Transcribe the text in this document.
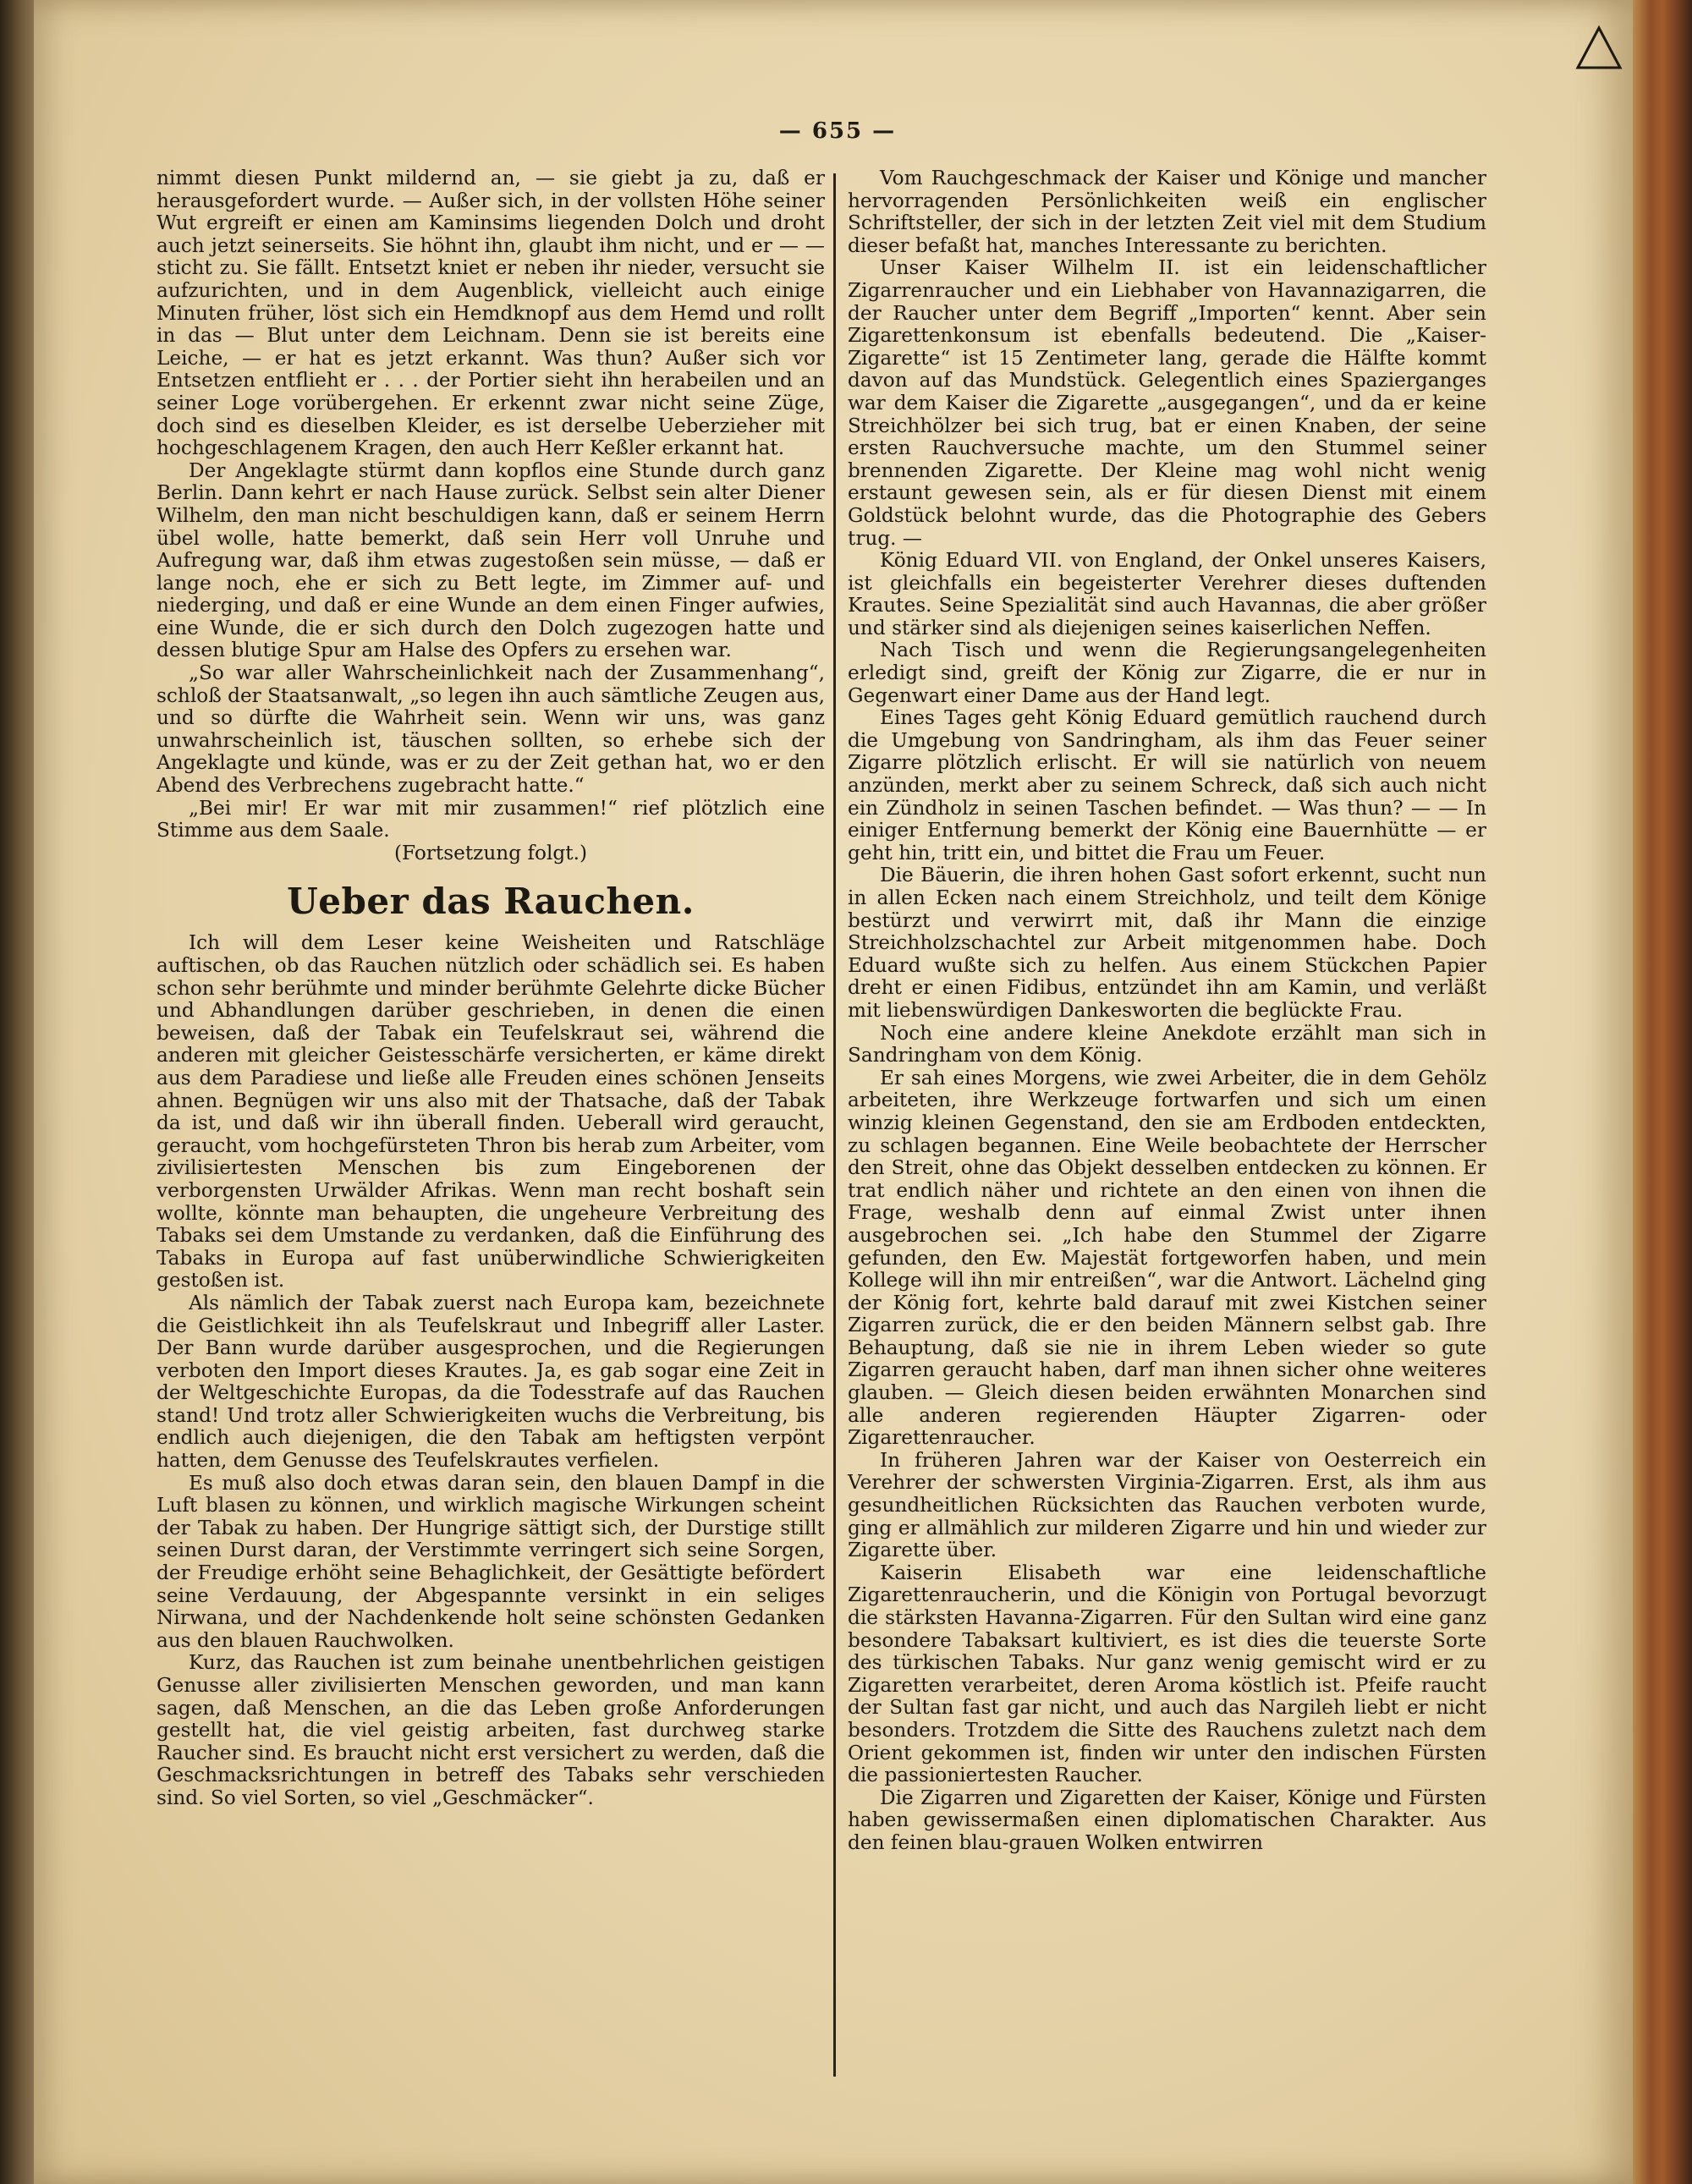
— 655 —

nimmt diesen Punkt mildernd an, — sie giebt ja zu, daß er herausgefordert wurde. — Außer sich, in der vollsten Höhe seiner Wut ergreift er einen am Kaminsims liegenden Dolch und droht auch jetzt seinerseits. Sie höhnt ihn, glaubt ihm nicht, und er — — sticht zu. Sie fällt. Entsetzt kniet er neben ihr nieder, versucht sie aufzurichten, und in dem Augenblick, vielleicht auch einige Minuten früher, löst sich ein Hemdknopf aus dem Hemd und rollt in das — Blut unter dem Leichnam. Denn sie ist bereits eine Leiche, — er hat es jetzt erkannt. Was thun? Außer sich vor Entsetzen entflieht er . . . der Portier sieht ihn herabeilen und an seiner Loge vorübergehen. Er erkennt zwar nicht seine Züge, doch sind es dieselben Kleider, es ist derselbe Ueberzieher mit hochgeschlagenem Kragen, den auch Herr Keßler erkannt hat.

Der Angeklagte stürmt dann kopflos eine Stunde durch ganz Berlin. Dann kehrt er nach Hause zurück. Selbst sein alter Diener Wilhelm, den man nicht beschuldigen kann, daß er seinem Herrn übel wolle, hatte bemerkt, daß sein Herr voll Unruhe und Aufregung war, daß ihm etwas zugestoßen sein müsse, — daß er lange noch, ehe er sich zu Bett legte, im Zimmer auf- und niederging, und daß er eine Wunde an dem einen Finger aufwies, eine Wunde, die er sich durch den Dolch zugezogen hatte und dessen blutige Spur am Halse des Opfers zu ersehen war.

„So war aller Wahrscheinlichkeit nach der Zusammenhang“, schloß der Staatsanwalt, „so legen ihn auch sämtliche Zeugen aus, und so dürfte die Wahrheit sein. Wenn wir uns, was ganz unwahrscheinlich ist, täuschen sollten, so erhebe sich der Angeklagte und künde, was er zu der Zeit gethan hat, wo er den Abend des Verbrechens zugebracht hatte.“

„Bei mir! Er war mit mir zusammen!“ rief plötzlich eine Stimme aus dem Saale.

(Fortsetzung folgt.)

Ueber das Rauchen.

Ich will dem Leser keine Weisheiten und Ratschläge auftischen, ob das Rauchen nützlich oder schädlich sei. Es haben schon sehr berühmte und minder berühmte Gelehrte dicke Bücher und Abhandlungen darüber geschrieben, in denen die einen beweisen, daß der Tabak ein Teufelskraut sei, während die anderen mit gleicher Geistesschärfe versicherten, er käme direkt aus dem Paradiese und ließe alle Freuden eines schönen Jenseits ahnen. Begnügen wir uns also mit der Thatsache, daß der Tabak da ist, und daß wir ihn überall finden. Ueberall wird geraucht, geraucht, vom hochgefürsteten Thron bis herab zum Arbeiter, vom zivilisiertesten Menschen bis zum Eingeborenen der verborgensten Urwälder Afrikas. Wenn man recht boshaft sein wollte, könnte man behaupten, die ungeheure Verbreitung des Tabaks sei dem Umstande zu verdanken, daß die Einführung des Tabaks in Europa auf fast unüberwindliche Schwierigkeiten gestoßen ist.

Als nämlich der Tabak zuerst nach Europa kam, bezeichnete die Geistlichkeit ihn als Teufelskraut und Inbegriff aller Laster. Der Bann wurde darüber ausgesprochen, und die Regierungen verboten den Import dieses Krautes. Ja, es gab sogar eine Zeit in der Weltgeschichte Europas, da die Todesstrafe auf das Rauchen stand! Und trotz aller Schwierigkeiten wuchs die Verbreitung, bis endlich auch diejenigen, die den Tabak am heftigsten verpönt hatten, dem Genusse des Teufelskrautes verfielen.

Es muß also doch etwas daran sein, den blauen Dampf in die Luft blasen zu können, und wirklich magische Wirkungen scheint der Tabak zu haben. Der Hungrige sättigt sich, der Durstige stillt seinen Durst daran, der Verstimmte verringert sich seine Sorgen, der Freudige erhöht seine Behaglichkeit, der Gesättigte befördert seine Verdauung, der Abgespannte versinkt in ein seliges Nirwana, und der Nachdenkende holt seine schönsten Gedanken aus den blauen Rauchwolken.

Kurz, das Rauchen ist zum beinahe unentbehrlichen geistigen Genusse aller zivilisierten Menschen geworden, und man kann sagen, daß Menschen, an die das Leben große Anforderungen gestellt hat, die viel geistig arbeiten, fast durchweg starke Raucher sind. Es braucht nicht erst versichert zu werden, daß die Geschmacksrichtungen in betreff des Tabaks sehr verschieden sind. So viel Sorten, so viel „Geschmäcker“.

Vom Rauchgeschmack der Kaiser und Könige und mancher hervorragenden Persönlichkeiten weiß ein englischer Schriftsteller, der sich in der letzten Zeit viel mit dem Studium dieser befaßt hat, manches Interessante zu berichten.

Unser Kaiser Wilhelm II. ist ein leidenschaftlicher Zigarrenraucher und ein Liebhaber von Havannazigarren, die der Raucher unter dem Begriff „Importen“ kennt. Aber sein Zigarettenkonsum ist ebenfalls bedeutend. Die „Kaiser-Zigarette“ ist 15 Zentimeter lang, gerade die Hälfte kommt davon auf das Mundstück. Gelegentlich eines Spazierganges war dem Kaiser die Zigarette „ausgegangen“, und da er keine Streichhölzer bei sich trug, bat er einen Knaben, der seine ersten Rauchversuche machte, um den Stummel seiner brennenden Zigarette. Der Kleine mag wohl nicht wenig erstaunt gewesen sein, als er für diesen Dienst mit einem Goldstück belohnt wurde, das die Photographie des Gebers trug. —

König Eduard VII. von England, der Onkel unseres Kaisers, ist gleichfalls ein begeisterter Verehrer dieses duftenden Krautes. Seine Spezialität sind auch Havannas, die aber größer und stärker sind als diejenigen seines kaiserlichen Neffen.

Nach Tisch und wenn die Regierungsangelegenheiten erledigt sind, greift der König zur Zigarre, die er nur in Gegenwart einer Dame aus der Hand legt.

Eines Tages geht König Eduard gemütlich rauchend durch die Umgebung von Sandringham, als ihm das Feuer seiner Zigarre plötzlich erlischt. Er will sie natürlich von neuem anzünden, merkt aber zu seinem Schreck, daß sich auch nicht ein Zündholz in seinen Taschen befindet. — Was thun? — — In einiger Entfernung bemerkt der König eine Bauernhütte — er geht hin, tritt ein, und bittet die Frau um Feuer.

Die Bäuerin, die ihren hohen Gast sofort erkennt, sucht nun in allen Ecken nach einem Streichholz, und teilt dem Könige bestürzt und verwirrt mit, daß ihr Mann die einzige Streichholzschachtel zur Arbeit mitgenommen habe. Doch Eduard wußte sich zu helfen. Aus einem Stückchen Papier dreht er einen Fidibus, entzündet ihn am Kamin, und verläßt mit liebenswürdigen Dankesworten die beglückte Frau.

Noch eine andere kleine Anekdote erzählt man sich in Sandringham von dem König.

Er sah eines Morgens, wie zwei Arbeiter, die in dem Gehölz arbeiteten, ihre Werkzeuge fortwarfen und sich um einen winzig kleinen Gegenstand, den sie am Erdboden entdeckten, zu schlagen begannen. Eine Weile beobachtete der Herrscher den Streit, ohne das Objekt desselben entdecken zu können. Er trat endlich näher und richtete an den einen von ihnen die Frage, weshalb denn auf einmal Zwist unter ihnen ausgebrochen sei. „Ich habe den Stummel der Zigarre gefunden, den Ew. Majestät fortgeworfen haben, und mein Kollege will ihn mir entreißen“, war die Antwort. Lächelnd ging der König fort, kehrte bald darauf mit zwei Kistchen seiner Zigarren zurück, die er den beiden Männern selbst gab. Ihre Behauptung, daß sie nie in ihrem Leben wieder so gute Zigarren geraucht haben, darf man ihnen sicher ohne weiteres glauben. — Gleich diesen beiden erwähnten Monarchen sind alle anderen regierenden Häupter Zigarren- oder Zigarettenraucher.

In früheren Jahren war der Kaiser von Oesterreich ein Verehrer der schwersten Virginia-Zigarren. Erst, als ihm aus gesundheitlichen Rücksichten das Rauchen verboten wurde, ging er allmählich zur milderen Zigarre und hin und wieder zur Zigarette über.

Kaiserin Elisabeth war eine leidenschaftliche Zigarettenraucherin, und die Königin von Portugal bevorzugt die stärksten Havanna-Zigarren. Für den Sultan wird eine ganz besondere Tabaksart kultiviert, es ist dies die teuerste Sorte des türkischen Tabaks. Nur ganz wenig gemischt wird er zu Zigaretten verarbeitet, deren Aroma köstlich ist. Pfeife raucht der Sultan fast gar nicht, und auch das Nargileh liebt er nicht besonders. Trotzdem die Sitte des Rauchens zuletzt nach dem Orient gekommen ist, finden wir unter den indischen Fürsten die passioniertesten Raucher.

Die Zigarren und Zigaretten der Kaiser, Könige und Fürsten haben gewissermaßen einen diplomatischen Charakter. Aus den feinen blau-grauen Wolken entwirren
